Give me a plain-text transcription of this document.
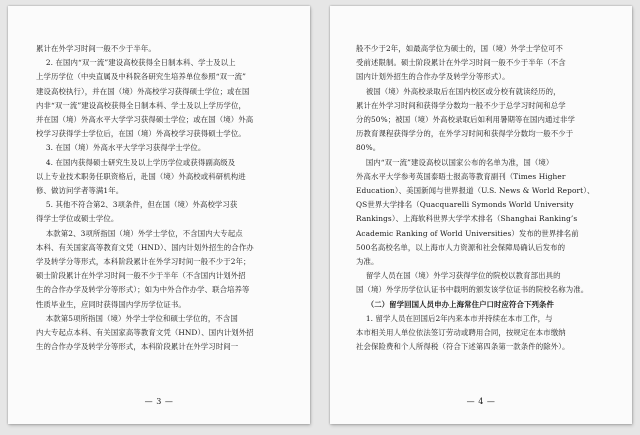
累计在外学习时间一般不少于半年。

2. 在国内“双一流”建设高校获得全日制本科、学士及以上

上学历学位（中央直属及中科院各研究生培养单位参照“双一流”

建设高校执行），并在国（境）外高校学习获得硕士学位；或在国

内非“双一流”建设高校获得全日制本科、学士及以上学历学位，

并在国（境）外高水平大学学习获得硕士学位；或在国（境）外高

校学习获得学士学位后，在国（境）外高校学习获得硕士学位。

3. 在国（境）外高水平大学学习获得学士学位。

4. 在国内获得硕士研究生及以上学历学位或获得副高级及

以上专业技术职务任职资格后，赴国（境）外高校或科研机构进

修、做访问学者等满1年。

5. 其他不符合第2、3项条件，但在国（境）外高校学习获

得学士学位或硕士学位。

本款第2、3项所指国（境）外学士学位，不含国内大专起点

本科、有关国家高等教育文凭（HND）、国内计划外招生的合作办

学及转学分等形式，本科阶段累计在外学习时间一般不少于2年；

硕士阶段累计在外学习时间一般不少于半年（不含国内计划外招

生的合作办学及转学分等形式）；如为中外合作办学、联合培养等

性质毕业生，应同时获得国内学历学位证书。

本款第5项所指国（境）外学士学位和硕士学位的，不含国

内大专起点本科、有关国家高等教育文凭（HND）、国内计划外招

生的合作办学及转学分等形式，本科阶段累计在外学习时间一

— 3 —

般不少于2年，如最高学位为硕士的，国（境）外学士学位可不

受前述限制。硕士阶段累计在外学习时间一般不少于半年（不含

国内计划外招生的合作办学及转学分等形式）。

被国（境）外高校录取后在国内校区或分校有就读经历的，

累计在外学习时间和获得学分数均一般不少于总学习时间和总学

分的50%；被国（境）外高校录取后如利用暑期等在国内通过非学

历教育课程获得学分的，在外学习时间和获得学分数均一般不少于

80%。

国内“双一流”建设高校以国家公布的名单为准，国（境）

外高水平大学参考英国泰晤士报高等教育副刊（Times Higher

Education）、美国新闻与世界报道（U.S. News & World Report）、

QS世界大学排名（Quacquarelli Symonds World University

Rankings）、上海软科世界大学学术排名（Shanghai Ranking’s

Academic Ranking of World Universities）发布的世界排名前

500名高校名单，以上海市人力资源和社会保障局确认后发布的

为准。

留学人员在国（境）外学习获得学位的院校以教育部出具的

国（境）外学历学位认证书中载明的颁发该学位证书的院校名称为准。

（二）留学回国人员申办上海常住户口时应符合下列条件

1. 留学人员在回国后2年内来本市并持续在本市工作，与

本市相关用人单位依法签订劳动或聘用合同，按规定在本市缴纳

社会保险费和个人所得税（符合下述第四条第一款条件的除外）。

— 4 —
